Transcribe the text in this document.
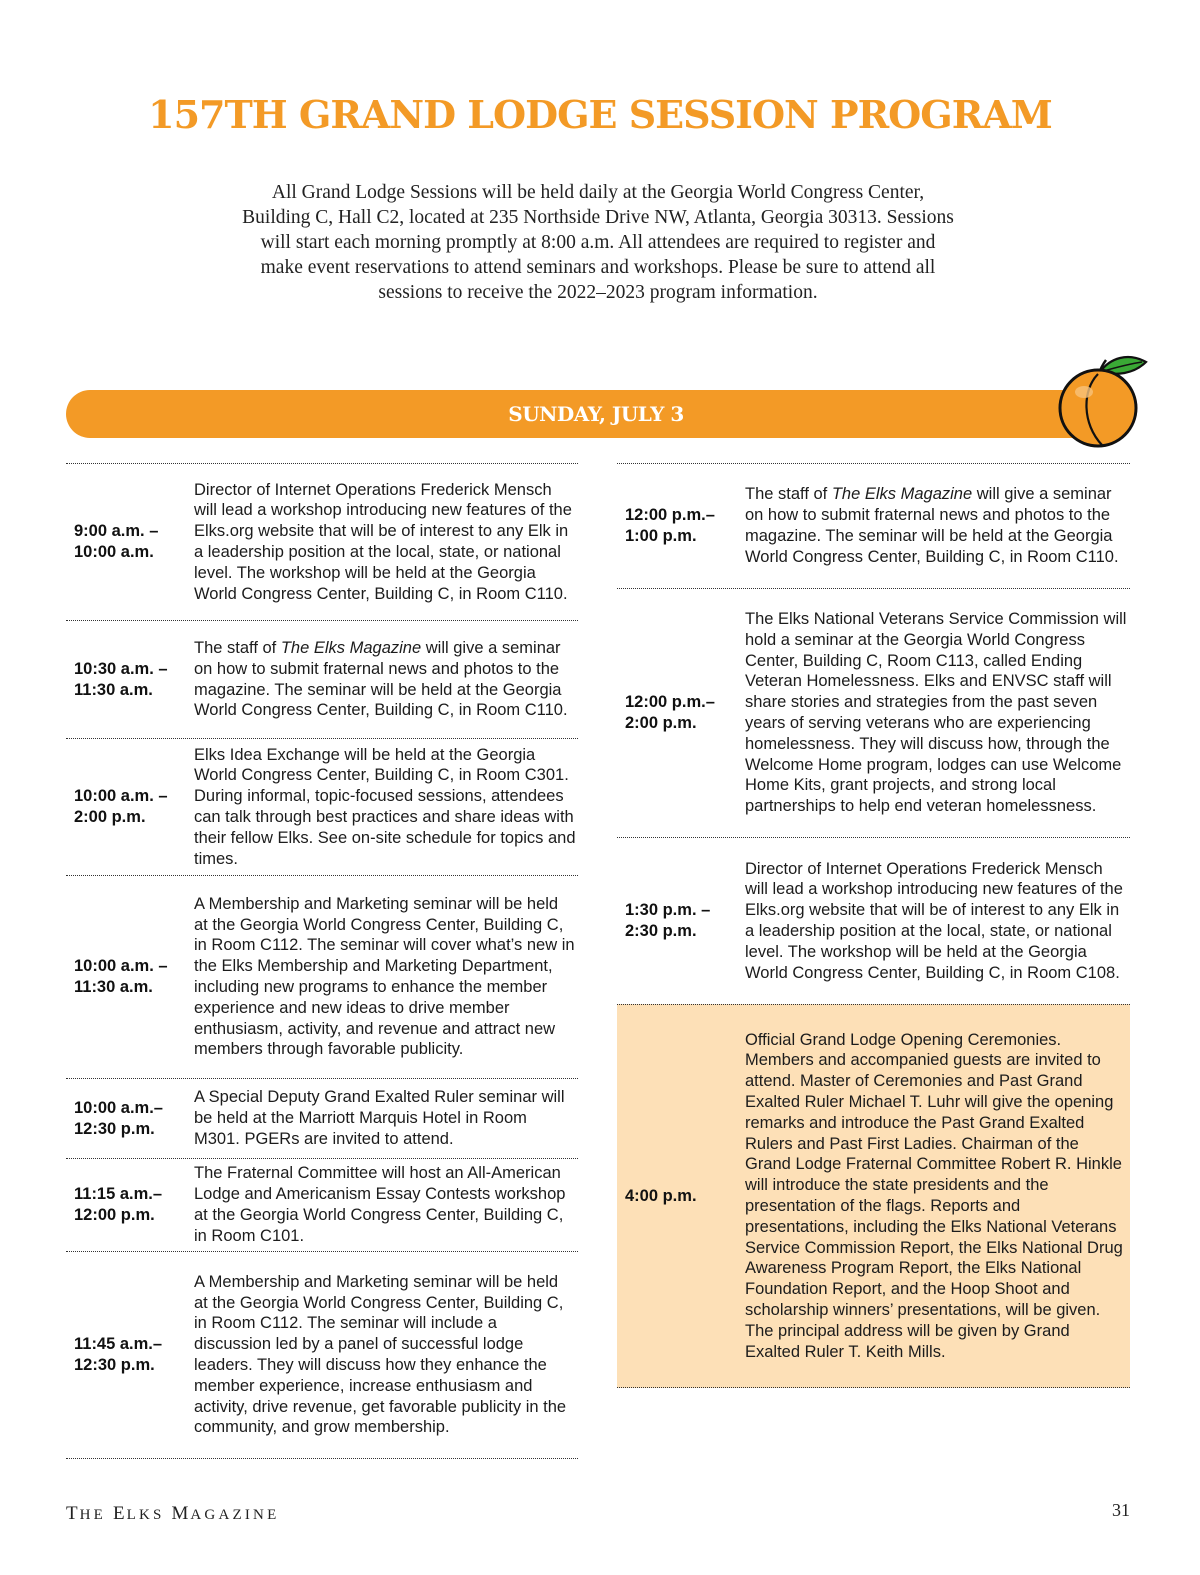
157TH GRAND LODGE SESSION PROGRAM

All Grand Lodge Sessions will be held daily at the Georgia World Congress Center, Building C, Hall C2, located at 235 Northside Drive NW, Atlanta, Georgia 30313. Sessions will start each morning promptly at 8:00 a.m. All attendees are required to register and make event reservations to attend seminars and workshops. Please be sure to attend all sessions to receive the 2022–2023 program information.

SUNDAY, JULY 3
9:00 a.m. –
10:00 a.m.
Director of Internet Operations Frederick Mensch will lead a workshop introducing new features of the Elks.org website that will be of interest to any Elk in a leadership position at the local, state, or national level. The workshop will be held at the Georgia World Congress Center, Building C, in Room C110.
10:30 a.m. –
11:30 a.m.
The staff of The Elks Magazine will give a seminar on how to submit fraternal news and photos to the magazine. The seminar will be held at the Georgia World Congress Center, Building C, in Room C110.
10:00 a.m. –
2:00 p.m.
Elks Idea Exchange will be held at the Georgia World Congress Center, Building C, in Room C301. During informal, topic-focused sessions, attendees can talk through best practices and share ideas with their fellow Elks. See on-site schedule for topics and times.
10:00 a.m. –
11:30 a.m.
A Membership and Marketing seminar will be held at the Georgia World Congress Center, Building C, in Room C112. The seminar will cover what’s new in the Elks Membership and Marketing Department, including new programs to enhance the member experience and new ideas to drive member enthusiasm, activity, and revenue and attract new members through favorable publicity.
10:00 a.m.–
12:30 p.m.
A Special Deputy Grand Exalted Ruler seminar will be held at the Marriott Marquis Hotel in Room M301. PGERs are invited to attend.
11:15 a.m.–
12:00 p.m.
The Fraternal Committee will host an All-American Lodge and Americanism Essay Contests workshop at the Georgia World Congress Center, Building C, in Room C101.
11:45 a.m.–
12:30 p.m.
A Membership and Marketing seminar will be held at the Georgia World Congress Center, Building C, in Room C112. The seminar will include a discussion led by a panel of successful lodge leaders. They will discuss how they enhance the member experience, increase enthusiasm and activity, drive revenue, get favorable publicity in the community, and grow membership.
12:00 p.m.–
1:00 p.m.
The staff of The Elks Magazine will give a seminar on how to submit fraternal news and photos to the magazine. The seminar will be held at the Georgia World Congress Center, Building C, in Room C110.
12:00 p.m.–
2:00 p.m.
The Elks National Veterans Service Commission will hold a seminar at the Georgia World Congress Center, Building C, Room C113, called Ending Veteran Homelessness. Elks and ENVSC staff will share stories and strategies from the past seven years of serving veterans who are experiencing homelessness. They will discuss how, through the Welcome Home program, lodges can use Welcome Home Kits, grant projects, and strong local partnerships to help end veteran homelessness.
1:30 p.m. –
2:30 p.m.
Director of Internet Operations Frederick Mensch will lead a workshop introducing new features of the Elks.org website that will be of interest to any Elk in a leadership position at the local, state, or national level. The workshop will be held at the Georgia World Congress Center, Building C, in Room C108.
4:00 p.m.
Official Grand Lodge Opening Ceremonies. Members and accompanied guests are invited to attend. Master of Ceremonies and Past Grand Exalted Ruler Michael T. Luhr will give the opening remarks and introduce the Past Grand Exalted Rulers and Past First Ladies. Chairman of the Grand Lodge Fraternal Committee Robert R. Hinkle will introduce the state presidents and the presentation of the flags. Reports and presentations, including the Elks National Veterans Service Commission Report, the Elks National Drug Awareness Program Report, the Elks National Foundation Report, and the Hoop Shoot and scholarship winners’ presentations, will be given. The principal address will be given by Grand Exalted Ruler T. Keith Mills.
THE ELKS MAGAZINE	31
